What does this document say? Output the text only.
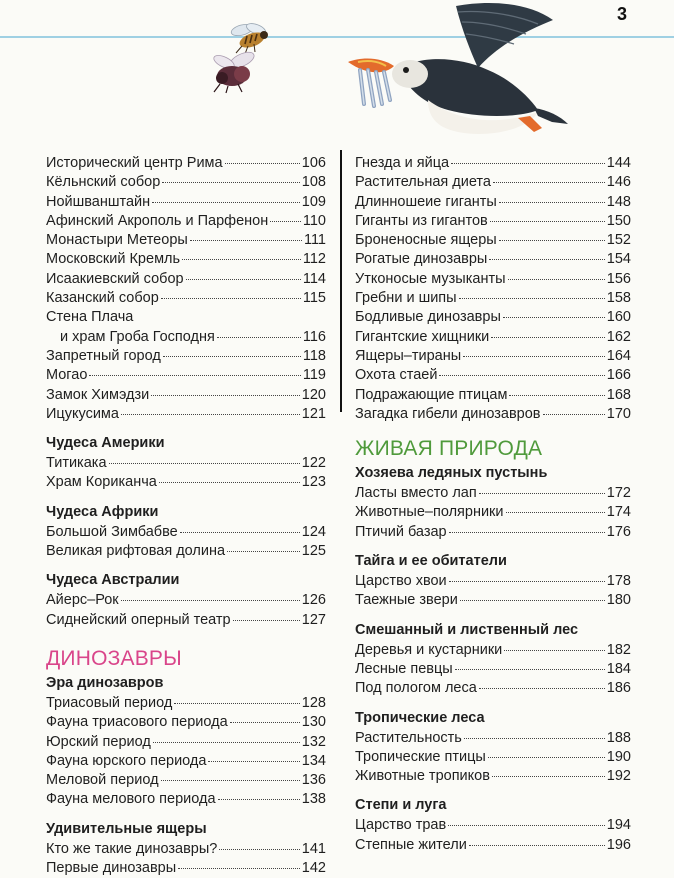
3
Исторический центр Рима	106
Кёльнский собор	108
Нойшванштайн	109
Афинский Акрополь и Парфенон 110
Монастыри Метеоры	111
Московский Кремль	112
Исаакиевский собор	114
Казанский собор	115
Стена Плача
и храм Гроба Господня	116
Запретный город	118
Могао	119
Замок Химэдзи	120
Ицукусима	121
Чудеса Америки
Титикака	122
Храм Кориканча	123
Чудеса Африки
Большой Зимбабве	124
Великая рифтовая долина	125
Чудеса Австралии
Айерс–Рок	126
Сиднейский оперный театр	127
ДИНОЗАВРЫ
Эра динозавров
Триасовый период	128
Фауна триасового периода	130
Юрский период	132
Фауна юрского периода	134
Меловой период	136
Фауна мелового периода	138
Удивительные ящеры
Кто же такие динозавры?	141
Первые динозавры	142
Гнезда и яйца	144
Растительная диета	146
Длинношеие гиганты	148
Гиганты из гигантов	150
Броненосные ящеры	152
Рогатые динозавры	154
Утконосые музыканты	156
Гребни и шипы	158
Бодливые динозавры	160
Гигантские хищники	162
Ящеры–тираны	164
Охота стаей	166
Подражающие птицам	168
Загадка гибели динозавров	170
ЖИВАЯ ПРИРОДА
Хозяева ледяных пустынь
Ласты вместо лап	172
Животные–полярники	174
Птичий базар	176
Тайга и ее обитатели
Царство хвои	178
Таежные звери	180
Смешанный и лиственный лес
Деревья и кустарники	182
Лесные певцы	184
Под пологом леса	186
Тропические леса
Растительность	188
Тропические птицы	190
Животные тропиков	192
Степи и луга
Царство трав	194
Степные жители	196
